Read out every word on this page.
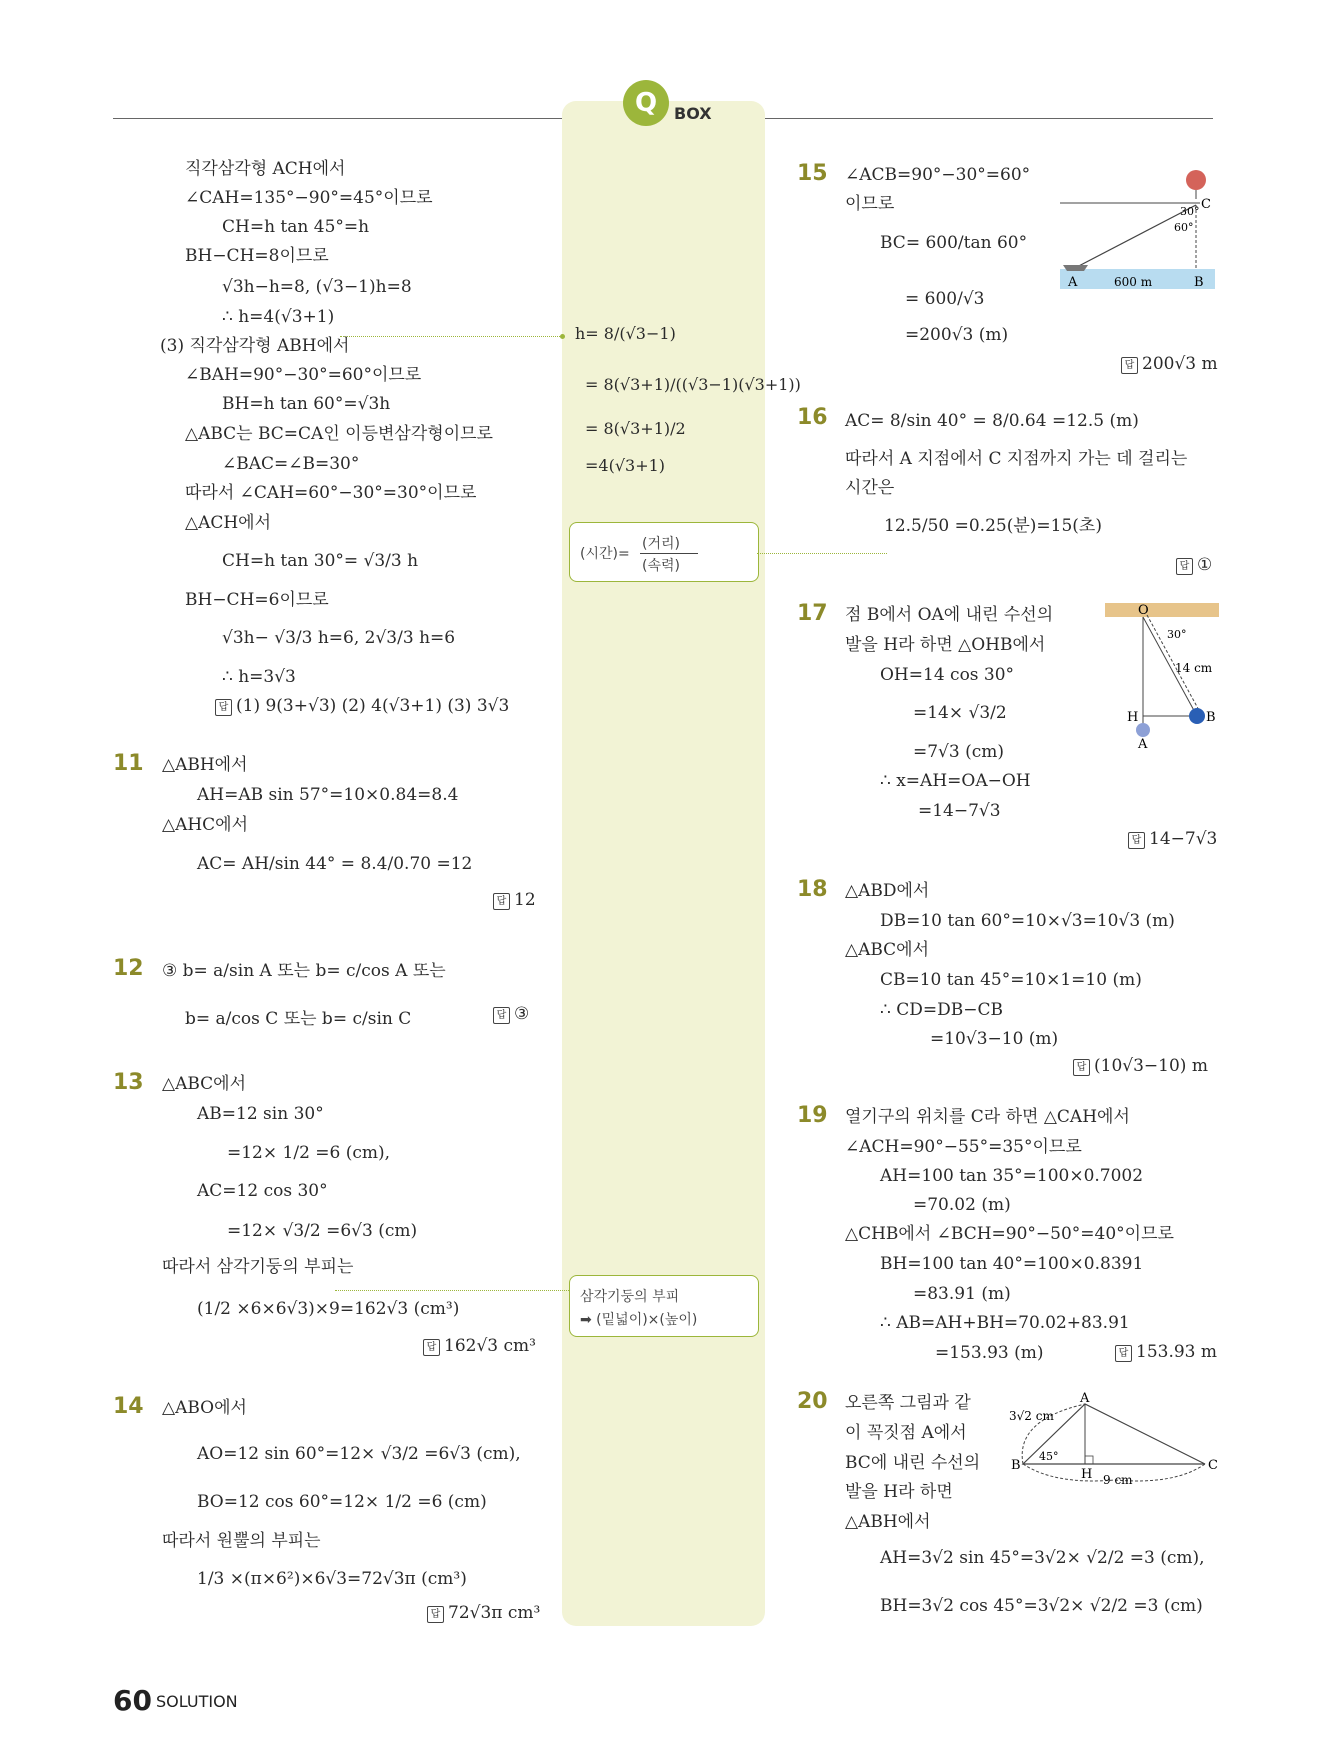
Q	BOX
직각삼각형 ACH에서
∠CAH=135°−90°=45°이므로
CH=h tan 45°=h
BH−CH=8이므로
√3h−h=8, (√3−1)h=8
∴ h=4(√3+1)
(3) 직각삼각형 ABH에서
∠BAH=90°−30°=60°이므로
BH=h tan 60°=√3h
△ABC는 BC=CA인 이등변삼각형이므로
∠BAC=∠B=30°
따라서 ∠CAH=60°−30°=30°이므로
△ACH에서
CH=h tan 30°= √3/3 h
BH−CH=6이므로
√3h− √3/3 h=6, 2√3/3 h=6
∴ h=3√3
답 (1) 9(3+√3) (2) 4(√3+1) (3) 3√3
11 △ABH에서
AH=AB sin 57°=10×0.84=8.4
△AHC에서
AC= AH/sin 44° = 8.4/0.70 =12
답 12
12 ③ b= a/sin A 또는 b= c/cos A 또는
b= a/cos C 또는 b= c/sin C	답 ③
13 △ABC에서
AB=12 sin 30°
=12× 1/2 =6 (cm),
AC=12 cos 30°
=12× √3/2 =6√3 (cm)
따라서 삼각기둥의 부피는
(1/2 ×6×6√3)×9=162√3 (cm³)
답 162√3 cm³
14 △ABO에서
AO=12 sin 60°=12× √3/2 =6√3 (cm),
BO=12 cos 60°=12× 1/2 =6 (cm)
따라서 원뿔의 부피는
1/3 ×(π×6²)×6√3=72√3π (cm³)
답 72√3π cm³
h= 8/(√3−1)
= 8(√3+1)/((√3−1)(√3+1))
= 8(√3+1)/2
=4(√3+1)
(시간)=
(거리)
(속력)
삼각기둥의 부피
➡ (밑넓이)×(높이)
15 ∠ACB=90°−30°=60°
이므로
BC= 600/tan 60°
= 600/√3
=200√3 (m)
답 200√3 m
30°
60°
C
A	B
600 m
16 AC= 8/sin 40° = 8/0.64 =12.5 (m)
따라서 A 지점에서 C 지점까지 가는 데 걸리는
시간은
12.5/50 =0.25(분)=15(초)
답 ①
17 점 B에서 OA에 내린 수선의
발을 H라 하면 △OHB에서
OH=14 cos 30°
=14× √3/2
=7√3 (cm)
∴ x=AH=OA−OH
=14−7√3
답 14−7√3
O
30°
14 cm
H	B
A
18 △ABD에서
DB=10 tan 60°=10×√3=10√3 (m)
△ABC에서
CB=10 tan 45°=10×1=10 (m)
∴ CD=DB−CB
=10√3−10 (m)
답 (10√3−10) m
19 열기구의 위치를 C라 하면 △CAH에서
∠ACH=90°−55°=35°이므로
AH=100 tan 35°=100×0.7002
=70.02 (m)
△CHB에서 ∠BCH=90°−50°=40°이므로
BH=100 tan 40°=100×0.8391
=83.91 (m)
∴ AB=AH+BH=70.02+83.91
=153.93 (m)	답 153.93 m
20 오른쪽 그림과 같
이 꼭짓점 A에서
BC에 내린 수선의
발을 H라 하면
△ABH에서
AH=3√2 sin 45°=3√2× √2/2 =3 (cm),
BH=3√2 cos 45°=3√2× √2/2 =3 (cm)
A
3√2 cm
45°
B
H
C
9 cm
60 SOLUTION
